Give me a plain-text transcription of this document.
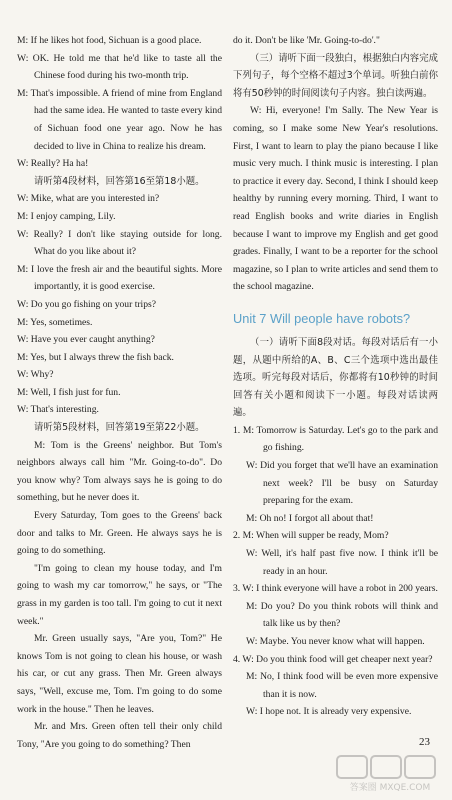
M: If he likes hot food, Sichuan is a good place.

W: OK. He told me that he'd like to taste all the Chinese food during his two-month trip.

M: That's impossible. A friend of mine from England had the same idea. He wanted to taste every kind of Sichuan food one year ago. Now he has decided to live in China to realize his dream.

W: Really? Ha ha!

请听第4段材料，回答第16至第18小题。

W: Mike, what are you interested in?

M: I enjoy camping, Lily.

W: Really? I don't like staying outside for long. What do you like about it?

M: I love the fresh air and the beautiful sights. More importantly, it is good exercise.

W: Do you go fishing on your trips?

M: Yes, sometimes.

W: Have you ever caught anything?

M: Yes, but I always threw the fish back.

W: Why?

M: Well, I fish just for fun.

W: That's interesting.

请听第5段材料，回答第19至第22小题。

M: Tom is the Greens' neighbor. But Tom's neighbors always call him "Mr. Going-to-do". Do you know why? Tom always says he is going to do something, but he never does it.

Every Saturday, Tom goes to the Greens' back door and talks to Mr. Green. He always says he is going to do something.

"I'm going to clean my house today, and I'm going to wash my car tomorrow," he says, or "The grass in my garden is too tall. I'm going to cut it next week."

Mr. Green usually says, "Are you, Tom?" He knows Tom is not going to clean his house, or wash his car, or cut any grass. Then Mr. Green always says, "Well, excuse me, Tom. I'm going to do some work in the house." Then he leaves.

Mr. and Mrs. Green often tell their only child Tony, "Are you going to do something? Then

do it. Don't be like 'Mr. Going-to-do'."

（三）请听下面一段独白，根据独白内容完成下列句子，每个空格不超过3个单词。听独白前你将有50秒钟的时间阅读句子内容。独白读两遍。

W: Hi, everyone! I'm Sally. The New Year is coming, so I make some New Year's resolutions. First, I want to learn to play the piano because I like music very much. I think music is interesting. I plan to practice it every day. Second, I think I should keep healthy by running every morning. Third, I want to read English books and write diaries in English because I want to improve my English and get good grades. Finally, I want to be a reporter for the school magazine, so I plan to write articles and send them to the school magazine.

Unit 7 Will people have robots?

（一）请听下面8段对话。每段对话后有一小题，从题中所给的A、B、C三个选项中选出最佳选项。听完每段对话后，你都将有10秒钟的时间回答有关小题和阅读下一小题。每段对话读两遍。

1. M: Tomorrow is Saturday. Let's go to the park and go fishing.

W: Did you forget that we'll have an examination next week? I'll be busy on Saturday preparing for the exam.

M: Oh no! I forgot all about that!

2. M: When will supper be ready, Mom?

W: Well, it's half past five now. I think it'll be ready in an hour.

3. W: I think everyone will have a robot in 200 years.

M: Do you? Do you think robots will think and talk like us by then?

W: Maybe. You never know what will happen.

4. W: Do you think food will get cheaper next year?

M: No, I think food will be even more expensive than it is now.

W: I hope not. It is already very expensive.

23
答案圈 MXQE.COM
